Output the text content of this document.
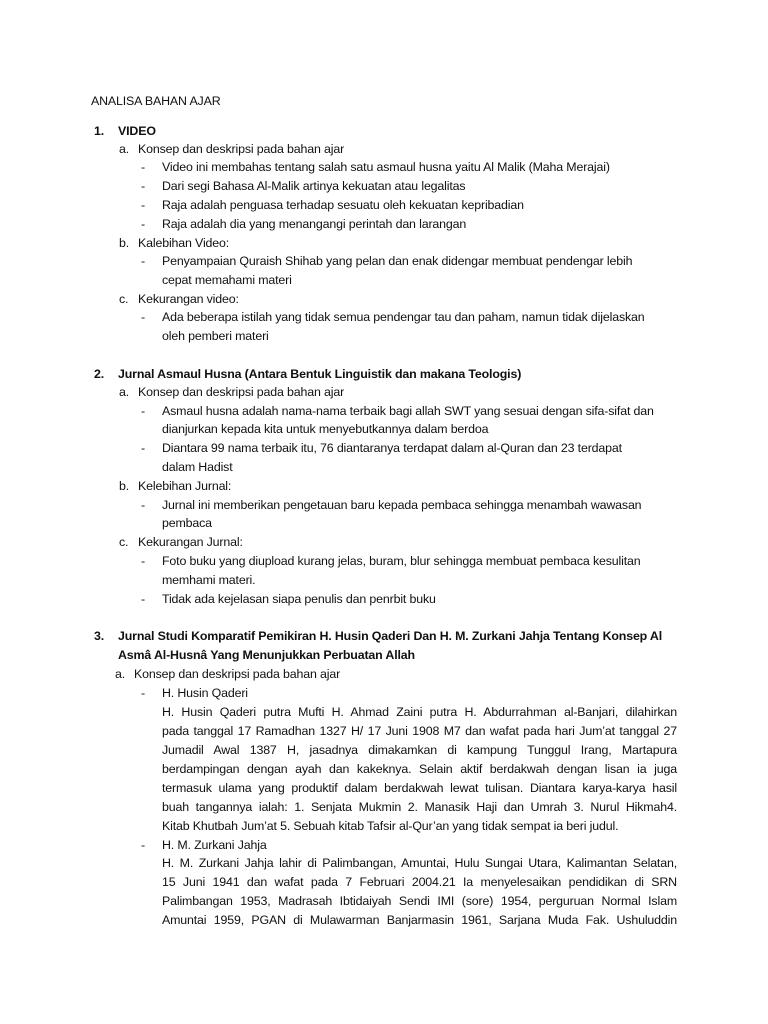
ANALISA BAHAN AJAR
1. VIDEO
a. Konsep dan deskripsi pada bahan ajar
- Video ini membahas tentang salah satu asmaul husna yaitu Al Malik (Maha Merajai)
- Dari segi Bahasa Al-Malik artinya kekuatan atau legalitas
- Raja adalah penguasa terhadap sesuatu oleh kekuatan kepribadian
- Raja adalah dia yang menangangi perintah dan larangan
b. Kalebihan Video:
- Penyampaian Quraish Shihab yang pelan dan enak didengar membuat pendengar lebih
cepat memahami materi
c. Kekurangan video:
- Ada beberapa istilah yang tidak semua pendengar tau dan paham, namun tidak dijelaskan
oleh pemberi materi
2. Jurnal Asmaul Husna (Antara Bentuk Linguistik dan makana Teologis)
a. Konsep dan deskripsi pada bahan ajar
- Asmaul husna adalah nama-nama terbaik bagi allah SWT yang sesuai dengan sifa-sifat dan
dianjurkan kepada kita untuk menyebutkannya dalam berdoa
- Diantara 99 nama terbaik itu, 76 diantaranya terdapat dalam al-Quran dan 23 terdapat
dalam Hadist
b. Kelebihan Jurnal:
- Jurnal ini memberikan pengetauan baru kepada pembaca sehingga menambah wawasan
pembaca
c. Kekurangan Jurnal:
- Foto buku yang diupload kurang jelas, buram, blur sehingga membuat pembaca kesulitan
memhami materi.
- Tidak ada kejelasan siapa penulis dan penrbit buku
3. Jurnal Studi Komparatif Pemikiran H. Husin Qaderi Dan H. M. Zurkani Jahja Tentang Konsep Al
Asmâ Al-Husnâ Yang Menunjukkan Perbuatan Allah
a. Konsep dan deskripsi pada bahan ajar
- H. Husin Qaderi
H. Husin Qaderi putra Mufti H. Ahmad Zaini putra H. Abdurrahman al-Banjari, dilahirkan
pada tanggal 17 Ramadhan 1327 H/ 17 Juni 1908 M7 dan wafat pada hari Jum’at tanggal 27
Jumadil Awal 1387 H, jasadnya dimakamkan di kampung Tunggul Irang, Martapura
berdampingan dengan ayah dan kakeknya. Selain aktif berdakwah dengan lisan ia juga
termasuk ulama yang produktif dalam berdakwah lewat tulisan. Diantara karya-karya hasil
buah tangannya ialah: 1. Senjata Mukmin 2. Manasik Haji dan Umrah 3. Nurul Hikmah4.
Kitab Khutbah Jum’at 5. Sebuah kitab Tafsir al-Qur’an yang tidak sempat ia beri judul.
- H. M. Zurkani Jahja
H. M. Zurkani Jahja lahir di Palimbangan, Amuntai, Hulu Sungai Utara, Kalimantan Selatan,
15 Juni 1941 dan wafat pada 7 Februari 2004.21 Ia menyelesaikan pendidikan di SRN
Palimbangan 1953, Madrasah Ibtidaiyah Sendi IMI (sore) 1954, perguruan Normal Islam
Amuntai 1959, PGAN di Mulawarman Banjarmasin 1961, Sarjana Muda Fak. Ushuluddin
